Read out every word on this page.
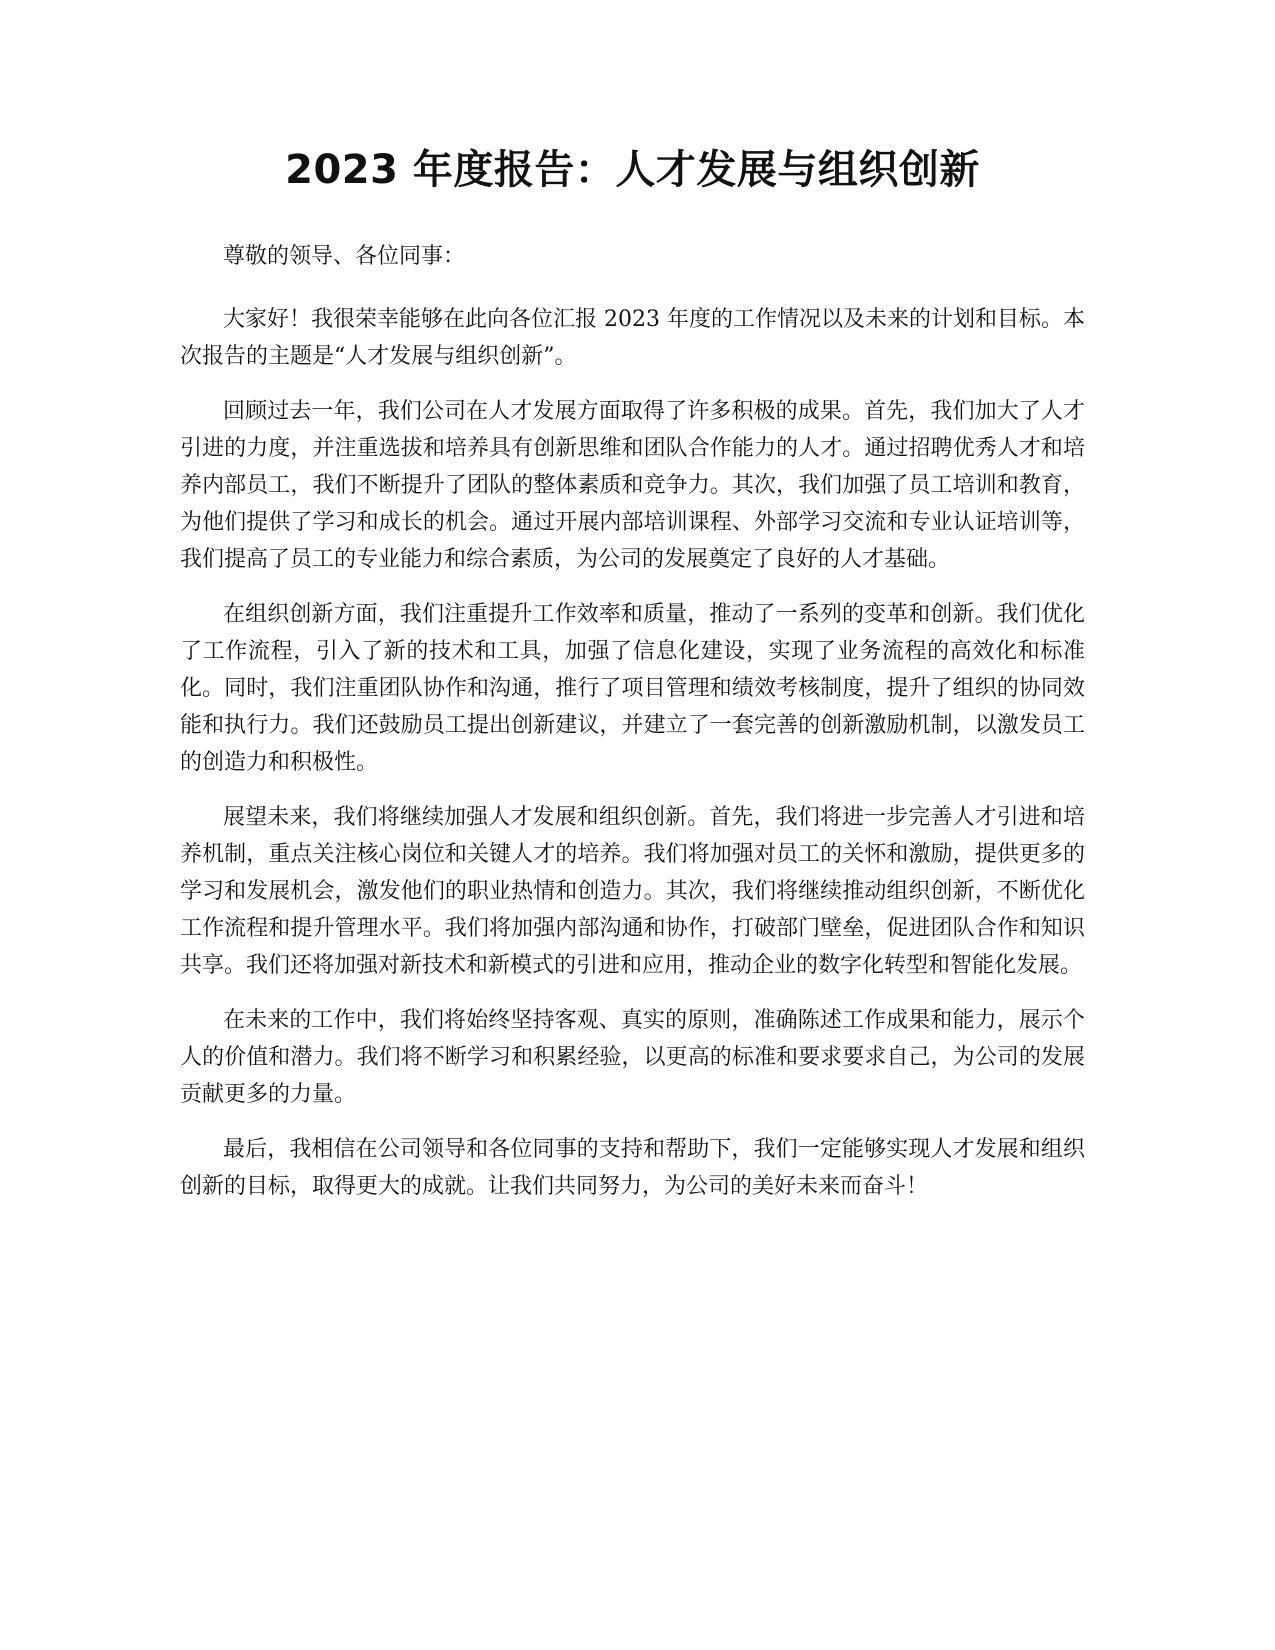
2023 年度报告：人才发展与组织创新

尊敬的领导、各位同事：

大家好！我很荣幸能够在此向各位汇报 2023 年度的工作情况以及未来的计划和目标。本次报告的主题是“人才发展与组织创新”。

回顾过去一年，我们公司在人才发展方面取得了许多积极的成果。首先，我们加大了人才引进的力度，并注重选拔和培养具有创新思维和团队合作能力的人才。通过招聘优秀人才和培养内部员工，我们不断提升了团队的整体素质和竞争力。其次，我们加强了员工培训和教育，为他们提供了学习和成长的机会。通过开展内部培训课程、外部学习交流和专业认证培训等，我们提高了员工的专业能力和综合素质，为公司的发展奠定了良好的人才基础。

在组织创新方面，我们注重提升工作效率和质量，推动了一系列的变革和创新。我们优化了工作流程，引入了新的技术和工具，加强了信息化建设，实现了业务流程的高效化和标准化。同时，我们注重团队协作和沟通，推行了项目管理和绩效考核制度，提升了组织的协同效能和执行力。我们还鼓励员工提出创新建议，并建立了一套完善的创新激励机制，以激发员工的创造力和积极性。

展望未来，我们将继续加强人才发展和组织创新。首先，我们将进一步完善人才引进和培养机制，重点关注核心岗位和关键人才的培养。我们将加强对员工的关怀和激励，提供更多的学习和发展机会，激发他们的职业热情和创造力。其次，我们将继续推动组织创新，不断优化工作流程和提升管理水平。我们将加强内部沟通和协作，打破部门壁垒，促进团队合作和知识共享。我们还将加强对新技术和新模式的引进和应用，推动企业的数字化转型和智能化发展。

在未来的工作中，我们将始终坚持客观、真实的原则，准确陈述工作成果和能力，展示个人的价值和潜力。我们将不断学习和积累经验，以更高的标准和要求要求自己，为公司的发展贡献更多的力量。

最后，我相信在公司领导和各位同事的支持和帮助下，我们一定能够实现人才发展和组织创新的目标，取得更大的成就。让我们共同努力，为公司的美好未来而奋斗！
